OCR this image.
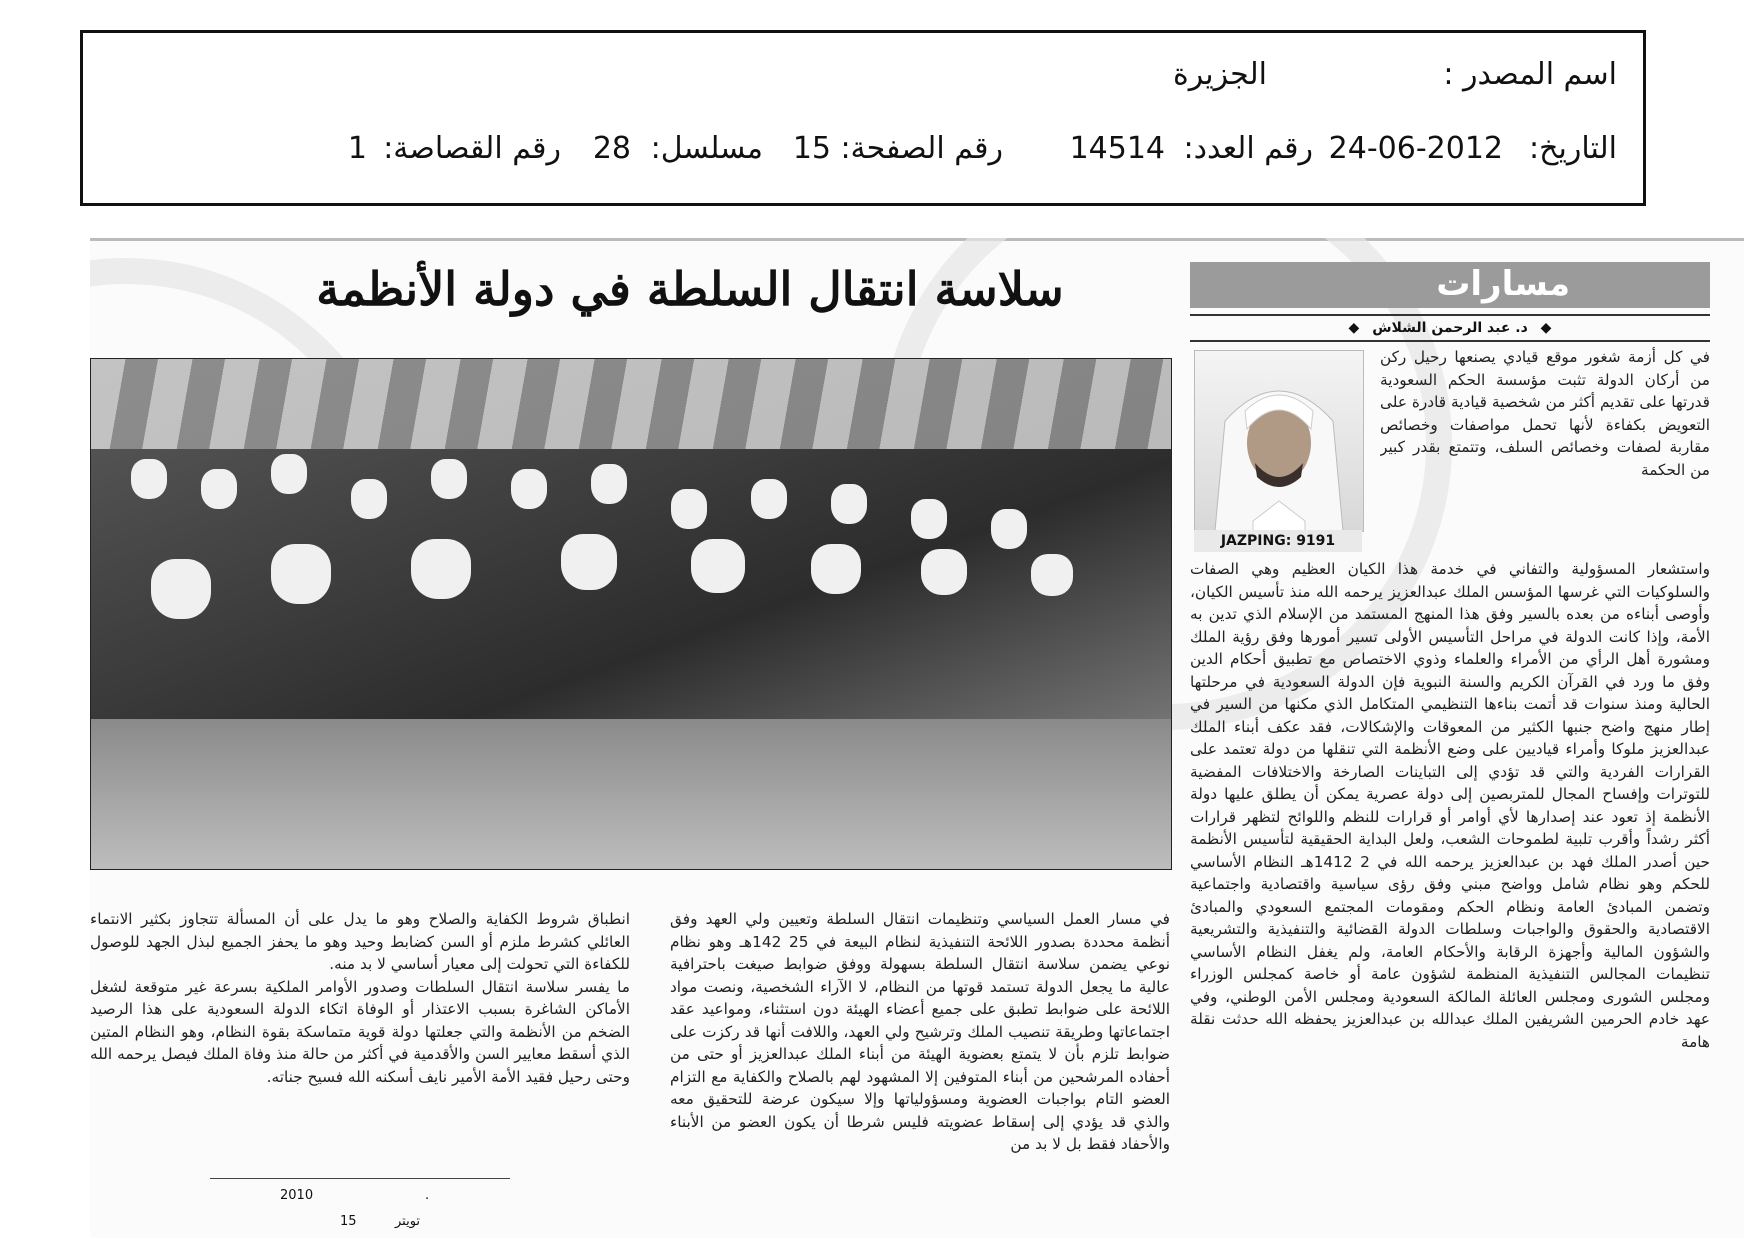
اسم المصدر :
الجزيرة
التاريخ:
24-06-2012
رقم العدد:
14514
رقم الصفحة:
15
مسلسل:
28
رقم القصاصة:
1
مسارات
◆ د. عبد الرحمن الشلاش ◆
JAZPING: 9191
سلاسة انتقال السلطة في دولة الأنظمة
في كل أزمة شغور موقع قيادي يصنعها رحيل ركن من أركان الدولة تثبت مؤسسة الحكم السعودية قدرتها على تقديم أكثر من شخصية قيادية قادرة على التعويض بكفاءة لأنها تحمل مواصفات وخصائص مقاربة لصفات وخصائص السلف، وتتمتع بقدر كبير من الحكمة
واستشعار المسؤولية والتفاني في خدمة هذا الكيان العظيم وهي الصفات والسلوكيات التي غرسها المؤسس الملك عبدالعزيز يرحمه الله منذ تأسيس الكيان، وأوصى أبناءه من بعده بالسير وفق هذا المنهج المستمد من الإسلام الذي تدين به الأمة، وإذا كانت الدولة في مراحل التأسيس الأولى تسير أمورها وفق رؤية الملك ومشورة أهل الرأي من الأمراء والعلماء وذوي الاختصاص مع تطبيق أحكام الدين وفق ما ورد في القرآن الكريم والسنة النبوية فإن الدولة السعودية في مرحلتها الحالية ومنذ سنوات قد أتمت بناءها التنظيمي المتكامل الذي مكنها من السير في إطار منهج واضح جنبها الكثير من المعوقات والإشكالات، فقد عكف أبناء الملك عبدالعزيز ملوكا وأمراء قياديين على وضع الأنظمة التي تنقلها من دولة تعتمد على القرارات الفردية والتي قد تؤدي إلى التباينات الصارخة والاختلافات المفضية للتوترات وإفساح المجال للمتربصين إلى دولة عصرية يمكن أن يطلق عليها دولة الأنظمة إذ تعود عند إصدارها لأي أوامر أو قرارات للنظم واللوائح لتظهر قرارات أكثر رشداً وأقرب تلبية لطموحات الشعب، ولعل البداية الحقيقية لتأسيس الأنظمة حين أصدر الملك فهد بن عبدالعزيز يرحمه الله في 2 1412هـ النظام الأساسي للحكم وهو نظام شامل وواضح مبني وفق رؤى سياسية واقتصادية واجتماعية وتضمن المبادئ العامة ونظام الحكم ومقومات المجتمع السعودي والمبادئ الاقتصادية والحقوق والواجبات وسلطات الدولة القضائية والتنفيذية والتشريعية والشؤون المالية وأجهزة الرقابة والأحكام العامة، ولم يغفل النظام الأساسي تنظيمات المجالس التنفيذية المنظمة لشؤون عامة أو خاصة كمجلس الوزراء ومجلس الشورى ومجلس العائلة المالكة السعودية ومجلس الأمن الوطني، وفي عهد خادم الحرمين الشريفين الملك عبدالله بن عبدالعزيز يحفظه الله حدثت نقلة هامة
في مسار العمل السياسي وتنظيمات انتقال السلطة وتعيين ولي العهد وفق أنظمة محددة بصدور اللائحة التنفيذية لنظام البيعة في 25 142هـ وهو نظام نوعي يضمن سلاسة انتقال السلطة بسهولة ووفق ضوابط صيغت باحترافية عالية ما يجعل الدولة تستمد قوتها من النظام، لا الآراء الشخصية، ونصت مواد اللائحة على ضوابط تطبق على جميع أعضاء الهيئة دون استثناء، ومواعيد عقد اجتماعاتها وطريقة تنصيب الملك وترشيح ولي العهد، واللافت أنها قد ركزت على ضوابط تلزم بأن لا يتمتع بعضوية الهيئة من أبناء الملك عبدالعزيز أو حتى من أحفاده المرشحين من أبناء المتوفين إلا المشهود لهم بالصلاح والكفاية مع التزام العضو التام بواجبات العضوية ومسؤولياتها وإلا سيكون عرضة للتحقيق معه والذي قد يؤدي إلى إسقاط عضويته فليس شرطا أن يكون العضو من الأبناء والأحفاد فقط بل لا بد من
انطباق شروط الكفاية والصلاح وهو ما يدل على أن المسألة تتجاوز بكثير الانتماء العائلي كشرط ملزم أو السن كضابط وحيد وهو ما يحفز الجميع لبذل الجهد للوصول للكفاءة التي تحولت إلى معيار أساسي لا بد منه.
ما يفسر سلاسة انتقال السلطات وصدور الأوامر الملكية بسرعة غير متوقعة لشغل الأماكن الشاغرة بسبب الاعتذار أو الوفاة اتكاء الدولة السعودية على هذا الرصيد الضخم من الأنظمة والتي جعلتها دولة قوية متماسكة بقوة النظام، وهو النظام المتين الذي أسقط معايير السن والأقدمية في أكثر من حالة منذ وفاة الملك فيصل يرحمه الله وحتى رحيل فقيد الأمة الأمير نايف أسكنه الله فسيح جناته.
2010	.
15	تويتر
